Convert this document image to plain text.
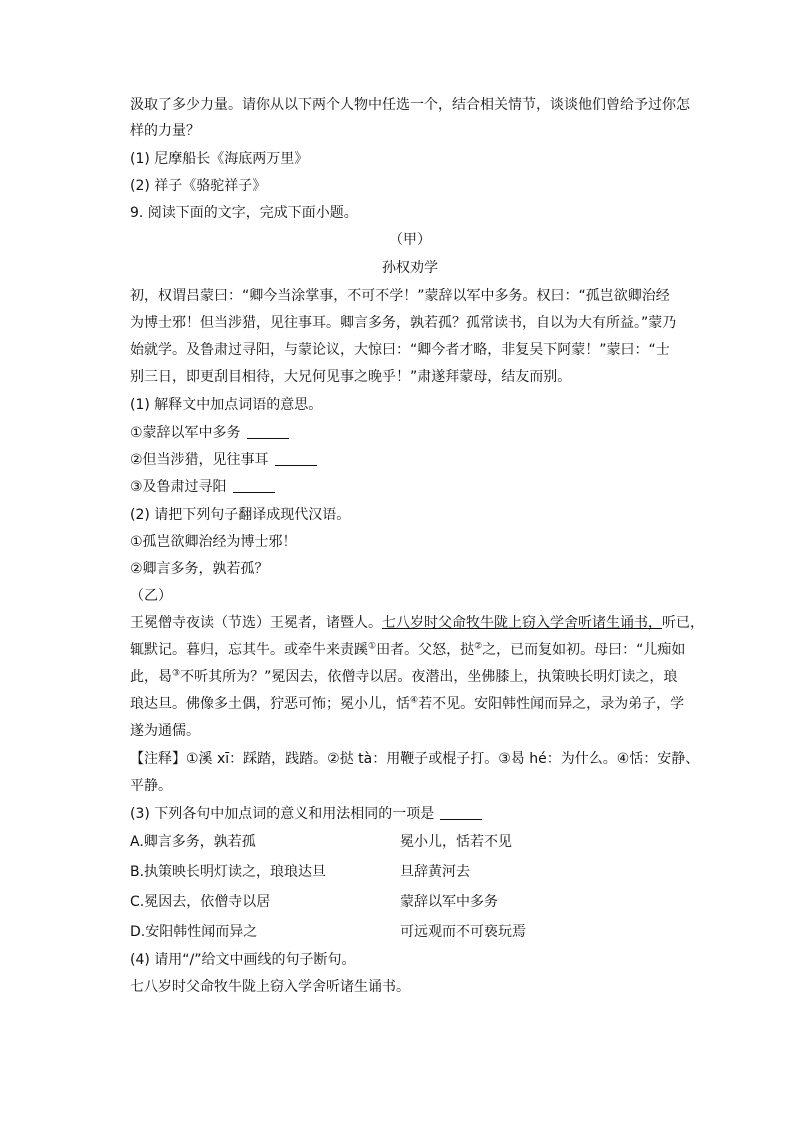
汲取了多少力量。请你从以下两个人物中任选一个，结合相关情节，谈谈他们曾给予过你怎
样的力量？
(1) 尼摩船长《海底两万里》
(2) 祥子《骆驼祥子》
9. 阅读下面的文字，完成下面小题。
（甲）
孙权劝学
初，权谓吕蒙曰：“卿今当涂掌事，不可不学！”蒙辞以军中多务。权曰：“孤岂欲卿治经
为博士邪！但当涉猎，见往事耳。卿言多务，孰若孤？孤常读书，自以为大有所益。”蒙乃
始就学。及鲁肃过寻阳，与蒙论议，大惊曰：“卿今者才略，非复吴下阿蒙！”蒙曰：“士
别三日，即更刮目相待，大兄何见事之晚乎！”肃遂拜蒙母，结友而别。
(1) 解释文中加点词语的意思。
①蒙辞以军中多务
②但当涉猎，见往事耳
③及鲁肃过寻阳
(2) 请把下列句子翻译成现代汉语。
①孤岂欲卿治经为博士邪！
②卿言多务，孰若孤？
（乙）
王冕僧寺夜读（节选）王冕者，诸暨人。七八岁时父命牧牛陇上窃入学舍听诸生诵书，听已，
辄默记。暮归，忘其牛。或牵牛来责蹊①田者。父怒，挞②之，已而复如初。母曰：“儿痴如
此，曷③不听其所为？”冕因去，依僧寺以居。夜潜出，坐佛膝上，执策映长明灯读之，琅
琅达旦。佛像多土偶，狞恶可怖；冕小儿，恬④若不见。安阳韩性闻而异之，录为弟子，学
遂为通儒。
【注释】①溪 xī：踩踏，践踏。②挞 tà：用鞭子或棍子打。③曷 hé：为什么。④恬：安静、
平静。
(3) 下列各句中加点词的意义和用法相同的一项是
A.卿言多务，孰若孤	冕小儿，恬若不见
B.执策映长明灯读之，琅琅达旦	旦辞黄河去
C.冕因去，依僧寺以居	蒙辞以军中多务
D.安阳韩性闻而异之	可远观而不可亵玩焉
(4) 请用“/”给文中画线的句子断句。
七八岁时父命牧牛陇上窃入学舍听诸生诵书。
